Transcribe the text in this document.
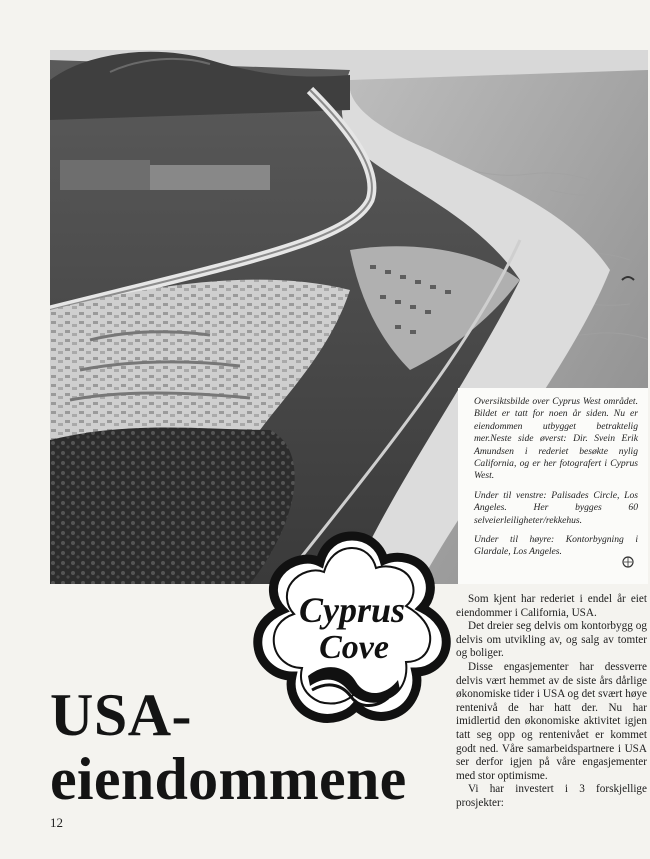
Oversiktsbilde over Cyprus West området. Bildet er tatt for noen år siden. Nu er eiendommen utbygget betraktelig mer.Neste side øverst: Dir. Svein Erik Amundsen i rederiet besøkte nylig California, og er her fotografert i Cyprus West.

Under til venstre: Palisades Circle, Los Angeles. Her bygges 60 selveierleiligheter/rekkehus.

Under til høyre: Kontorbygning i Glardale, Los Angeles.

Cyprus
Cove
USA-
eiendommene

Som kjent har rederiet i endel år eiet eiendommer i California, USA.

Det dreier seg delvis om kontorbygg og delvis om utvikling av, og salg av tomter og boliger.

Disse engasjementer har dessverre delvis vært hemmet av de siste års dårlige økonomiske tider i USA og det svært høye rentenivå de har hatt der. Nu har imidlertid den økonomiske aktivitet igjen tatt seg opp og rentenivået er kommet godt ned. Våre samarbeidspartnere i USA ser derfor igjen på våre engasjementer med stor optimisme.

Vi har investert i 3 forskjellige prosjekter:

12
